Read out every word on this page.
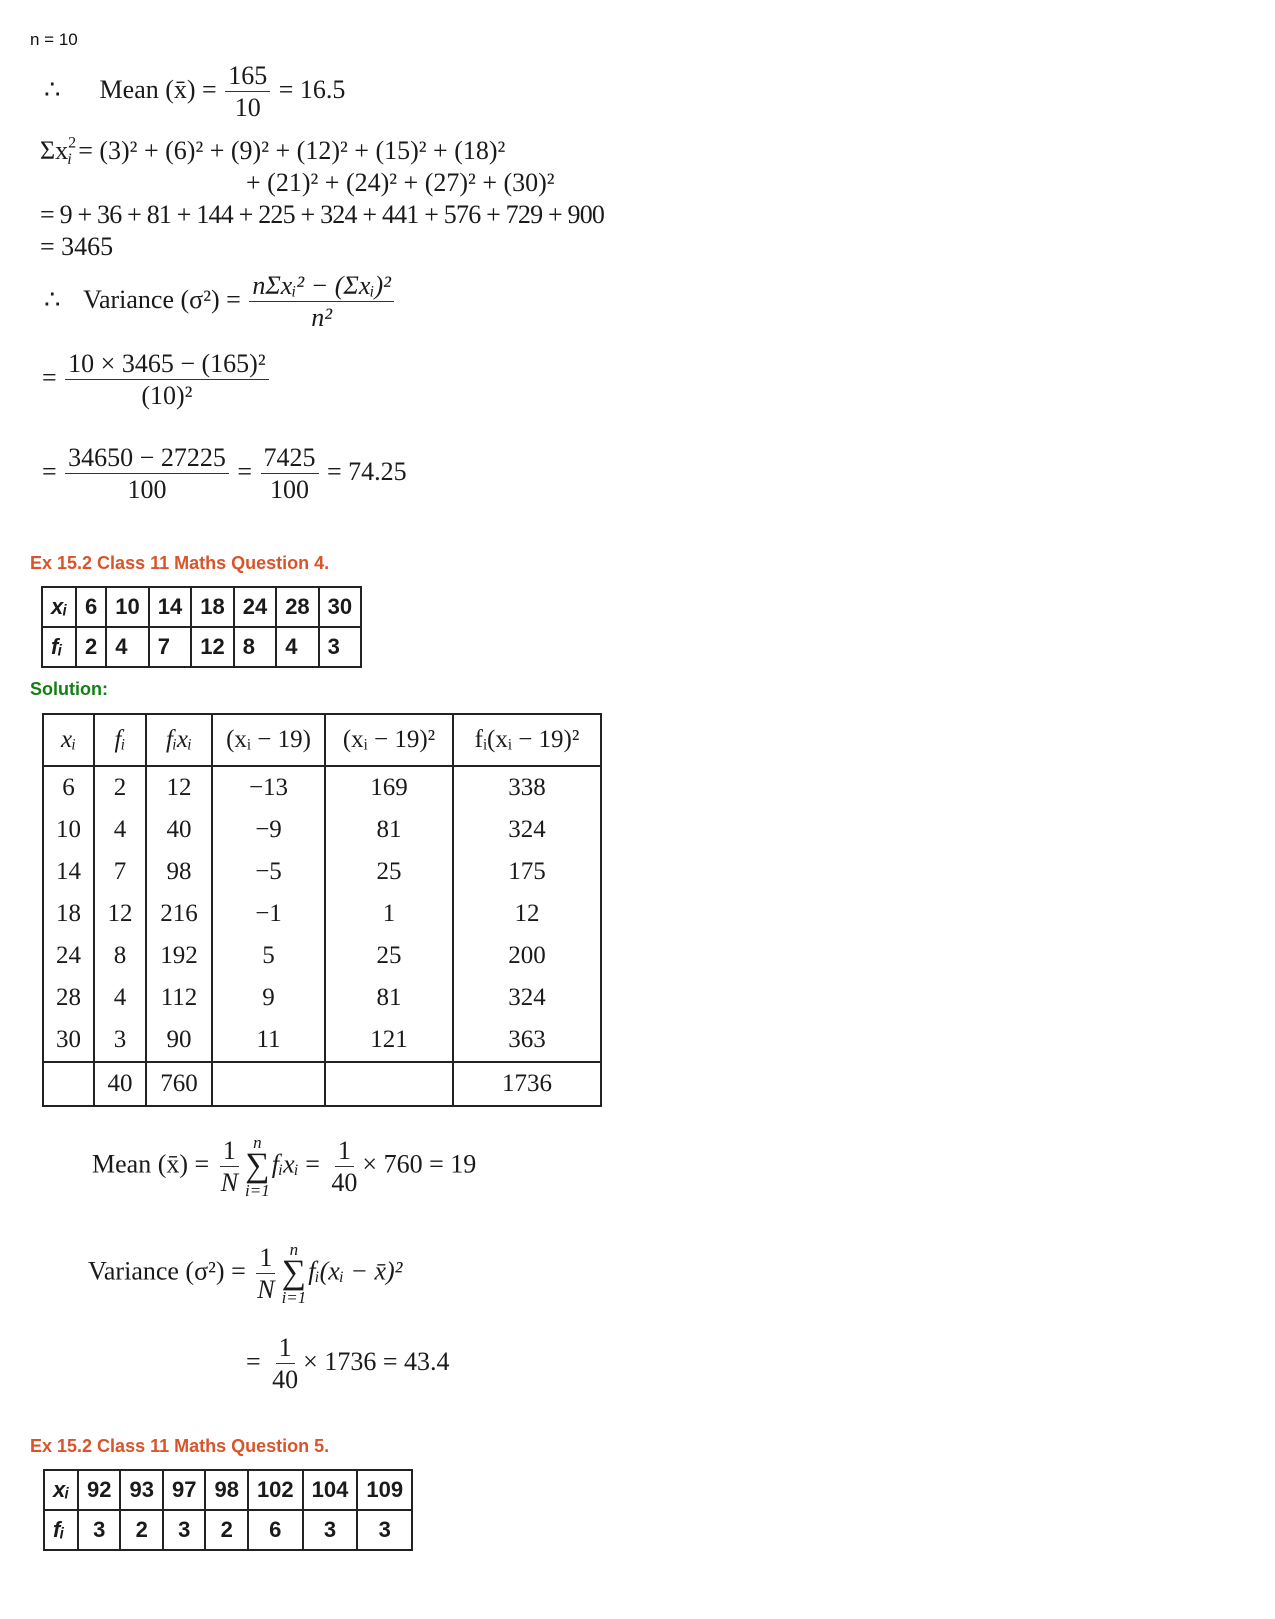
n = 10
∴ Mean (x̄) = $\frac{165}{10} = 16.5$
$\Sigma x^2_i = (3)^2 + (6)^2 + (9)^2 + (12)^2 + (15)^2 + (18)^2$
+ (21)² + (24)² + (27)² + (30)²
= 9 + 36 + 81 + 144 + 225 + 324 + 441 + 576 + 729 + 900
= 3465
∴ Variance $(\sigma^2) = \frac{\text{nΣxᵢ² − (Σxᵢ)²}}{\text{n²}}$
= $\frac{\text{10 × 3465 − (165)²}}{\text{(10)²}}$
= $\frac{34650 - 27225}{100} = \frac{7425}{100} = 74.25$
Ex 15.2 Class 11 Maths Question 4.
xᵢ	6	10	14	18	24	28	30
fᵢ	2	4	7	12	8	4	3
Solution:
xᵢ	fᵢ	fᵢxᵢ	(xᵢ − 19)	(xᵢ − 19)²	fᵢ(xᵢ − 19)²
6	2	12	−13	169	338
10	4	40	−9	81	324
14	7	98	−5	25	175
18	12	216	−1	1	12
24	8	192	5	25	200
28	4	112	9	81	324
30	3	90	11	121	363
	40	760			1736
Mean (x̄) = $\frac{1}{N}$ n
∑
i=1
fᵢxᵢ = $\frac{1}{40} \times 760 = 19$
Variance $(\sigma^2) = \frac{1}{N}$ n
∑
i=1
fᵢ(xᵢ − x̄)²
= $\frac{1}{40} \times 1736 = 43.4$
Ex 15.2 Class 11 Maths Question 5.
xᵢ	92	93	97	98	102	104	109
fᵢ	3	2	3	2	6	3	3
